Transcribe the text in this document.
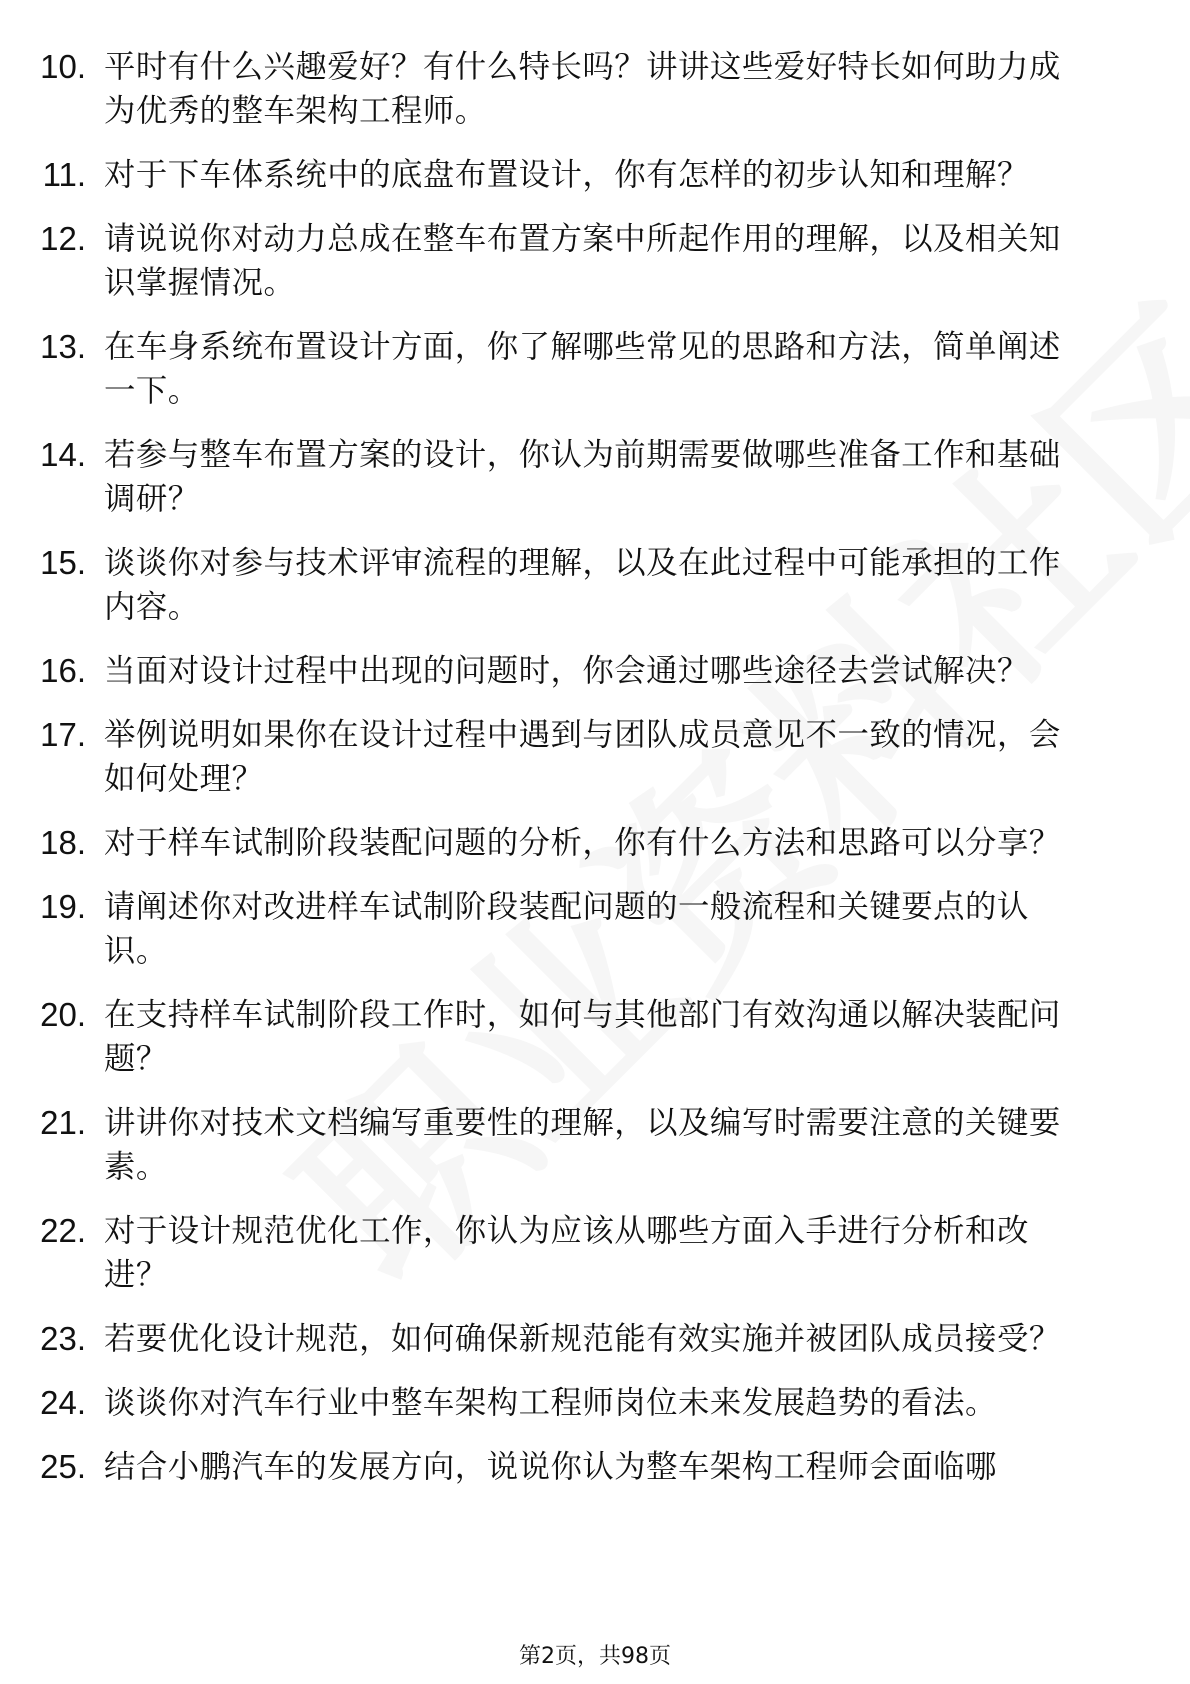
10. 平时有什么兴趣爱好？有什么特长吗？讲讲这些爱好特长如何助力成为优秀的整车架构工程师。
11. 对于下车体系统中的底盘布置设计，你有怎样的初步认知和理解？
12. 请说说你对动力总成在整车布置方案中所起作用的理解，以及相关知识掌握情况。
13. 在车身系统布置设计方面，你了解哪些常见的思路和方法，简单阐述一下。
14. 若参与整车布置方案的设计，你认为前期需要做哪些准备工作和基础调研？
15. 谈谈你对参与技术评审流程的理解，以及在此过程中可能承担的工作内容。
16. 当面对设计过程中出现的问题时，你会通过哪些途径去尝试解决？
17. 举例说明如果你在设计过程中遇到与团队成员意见不一致的情况，会如何处理？
18. 对于样车试制阶段装配问题的分析，你有什么方法和思路可以分享？
19. 请阐述你对改进样车试制阶段装配问题的一般流程和关键要点的认识。
20. 在支持样车试制阶段工作时，如何与其他部门有效沟通以解决装配问题？
21. 讲讲你对技术文档编写重要性的理解，以及编写时需要注意的关键要素。
22. 对于设计规范优化工作，你认为应该从哪些方面入手进行分析和改进？
23. 若要优化设计规范，如何确保新规范能有效实施并被团队成员接受？
24. 谈谈你对汽车行业中整车架构工程师岗位未来发展趋势的看法。
25. 结合小鹏汽车的发展方向，说说你认为整车架构工程师会面临哪
第2页，共98页
